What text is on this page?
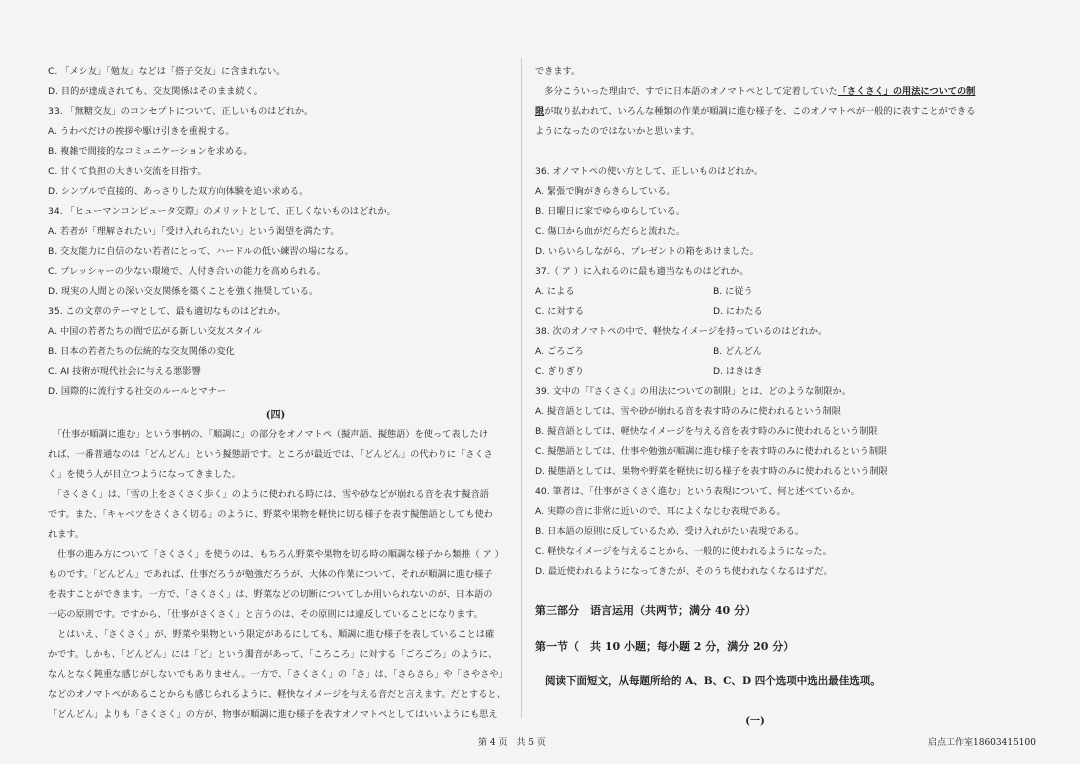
C. 「メシ友」「勉友」などは「搭子交友」に含まれない。
D. 目的が達成されても、交友関係はそのまま続く。
33. 「無糖交友」のコンセプトについて、正しいものはどれか。
A. うわべだけの挨拶や駆け引きを重視する。
B. 複雑で間接的なコミュニケーションを求める。
C. 甘くて負担の大きい交流を目指す。
D. シンプルで直接的、あっさりした双方向体験を追い求める。
34. 「ヒューマンコンピュータ交際」のメリットとして、正しくないものはどれか。
A. 若者が「理解されたい」「受け入れられたい」という渇望を満たす。
B. 交友能力に自信のない若者にとって、ハードルの低い練習の場になる。
C. プレッシャーの少ない環境で、人付き合いの能力を高められる。
D. 現実の人間との深い交友関係を築くことを強く推奨している。
35. この文章のテーマとして、最も適切なものはどれか。
A. 中国の若者たちの間で広がる新しい交友スタイル
B. 日本の若者たちの伝統的な交友関係の変化
C. AI 技術が現代社会に与える悪影響
D. 国際的に流行する社交のルールとマナー
(四)
　「仕事が順調に進む」という事柄の、「順調に」の部分をオノマトペ（擬声語、擬態語）を使って表したけ
れば、一番普通なのは「どんどん」という擬態語です。ところが最近では、「どんどん」の代わりに「さくさ
く」を使う人が目立つようになってきました。
　「さくさく」は、「雪の上をさくさく歩く」のように使われる時には、雪や砂などが崩れる音を表す擬音語
です。また、「キャベツをさくさく切る」のように、野菜や果物を軽快に切る様子を表す擬態語としても使わ
れます。
　仕事の進み方について「さくさく」を使うのは、もちろん野菜や果物を切る時の順調な様子から類推（ ア ）
ものです。「どんどん」であれば、仕事だろうが勉強だろうが、大体の作業について、それが順調に進む様子
を表すことができます。一方で、「さくさく」は、野菜などの切断についてしか用いられないのが、日本語の
一応の原則です。ですから、「仕事がさくさく」と言うのは、その原則には違反していることになります。
　とはいえ、「さくさく」が、野菜や果物という限定があるにしても、順調に進む様子を表していることは確
かです。しかも、「どんどん」には「ど」という濁音があって、「ころころ」に対する「ごろごろ」のように、
なんとなく鈍重な感じがしないでもありません。一方で、「さくさく」の「さ」は、「さらさら」や「さやさや」
などのオノマトペがあることからも感じられるように、軽快なイメージを与える音だと言えます。だとすると、
「どんどん」よりも「さくさく」の方が、物事が順調に進む様子を表すオノマトペとしてはいいようにも思え
できます。
　多分こういった理由で、すでに日本語のオノマトペとして定着していた「さくさく」の用法についての制
限が取り払われて、いろんな種類の作業が順調に進む様子を、このオノマトペが一般的に表すことができる
ようになったのではないかと思います。
36. オノマトペの使い方として、正しいものはどれか。
A. 緊張で胸がきらきらしている。
B. 日曜日に家でゆらゆらしている。
C. 傷口から血がだらだらと流れた。
D. いらいらしながら、プレゼントの箱をあけました。
37.（ ア ）に入れるのに最も適当なものはどれか。
A. による	B. に従う
C. に対する	D. にわたる
38. 次のオノマトペの中で、軽快なイメージを持っているのはどれか。
A. ごろごろ	B. どんどん
C. ぎりぎり	D. はきはき
39. 文中の「『さくさく』の用法についての制限」とは、どのような制限か。
A. 擬音語としては、雪や砂が崩れる音を表す時のみに使われるという制限
B. 擬音語としては、軽快なイメージを与える音を表す時のみに使われるという制限
C. 擬態語としては、仕事や勉強が順調に進む様子を表す時のみに使われるという制限
D. 擬態語としては、果物や野菜を軽快に切る様子を表す時のみに使われるという制限
40. 筆者は、「仕事がさくさく進む」という表現について、何と述べているか。
A. 実際の音に非常に近いので、耳によくなじむ表現である。
B. 日本語の原則に反しているため、受け入れがたい表現である。
C. 軽快なイメージを与えることから、一般的に使われるようになった。
D. 最近使われるようになってきたが、そのうち使われなくなるはずだ。
第三部分　语言运用（共两节；满分 40 分）
第一节（　共 10 小题；每小题 2 分，满分 20 分）
阅读下面短文，从每题所给的 A、B、C、D 四个选项中选出最佳选项。
(一)
第 4 页　共 5 页	启点工作室18603415100
